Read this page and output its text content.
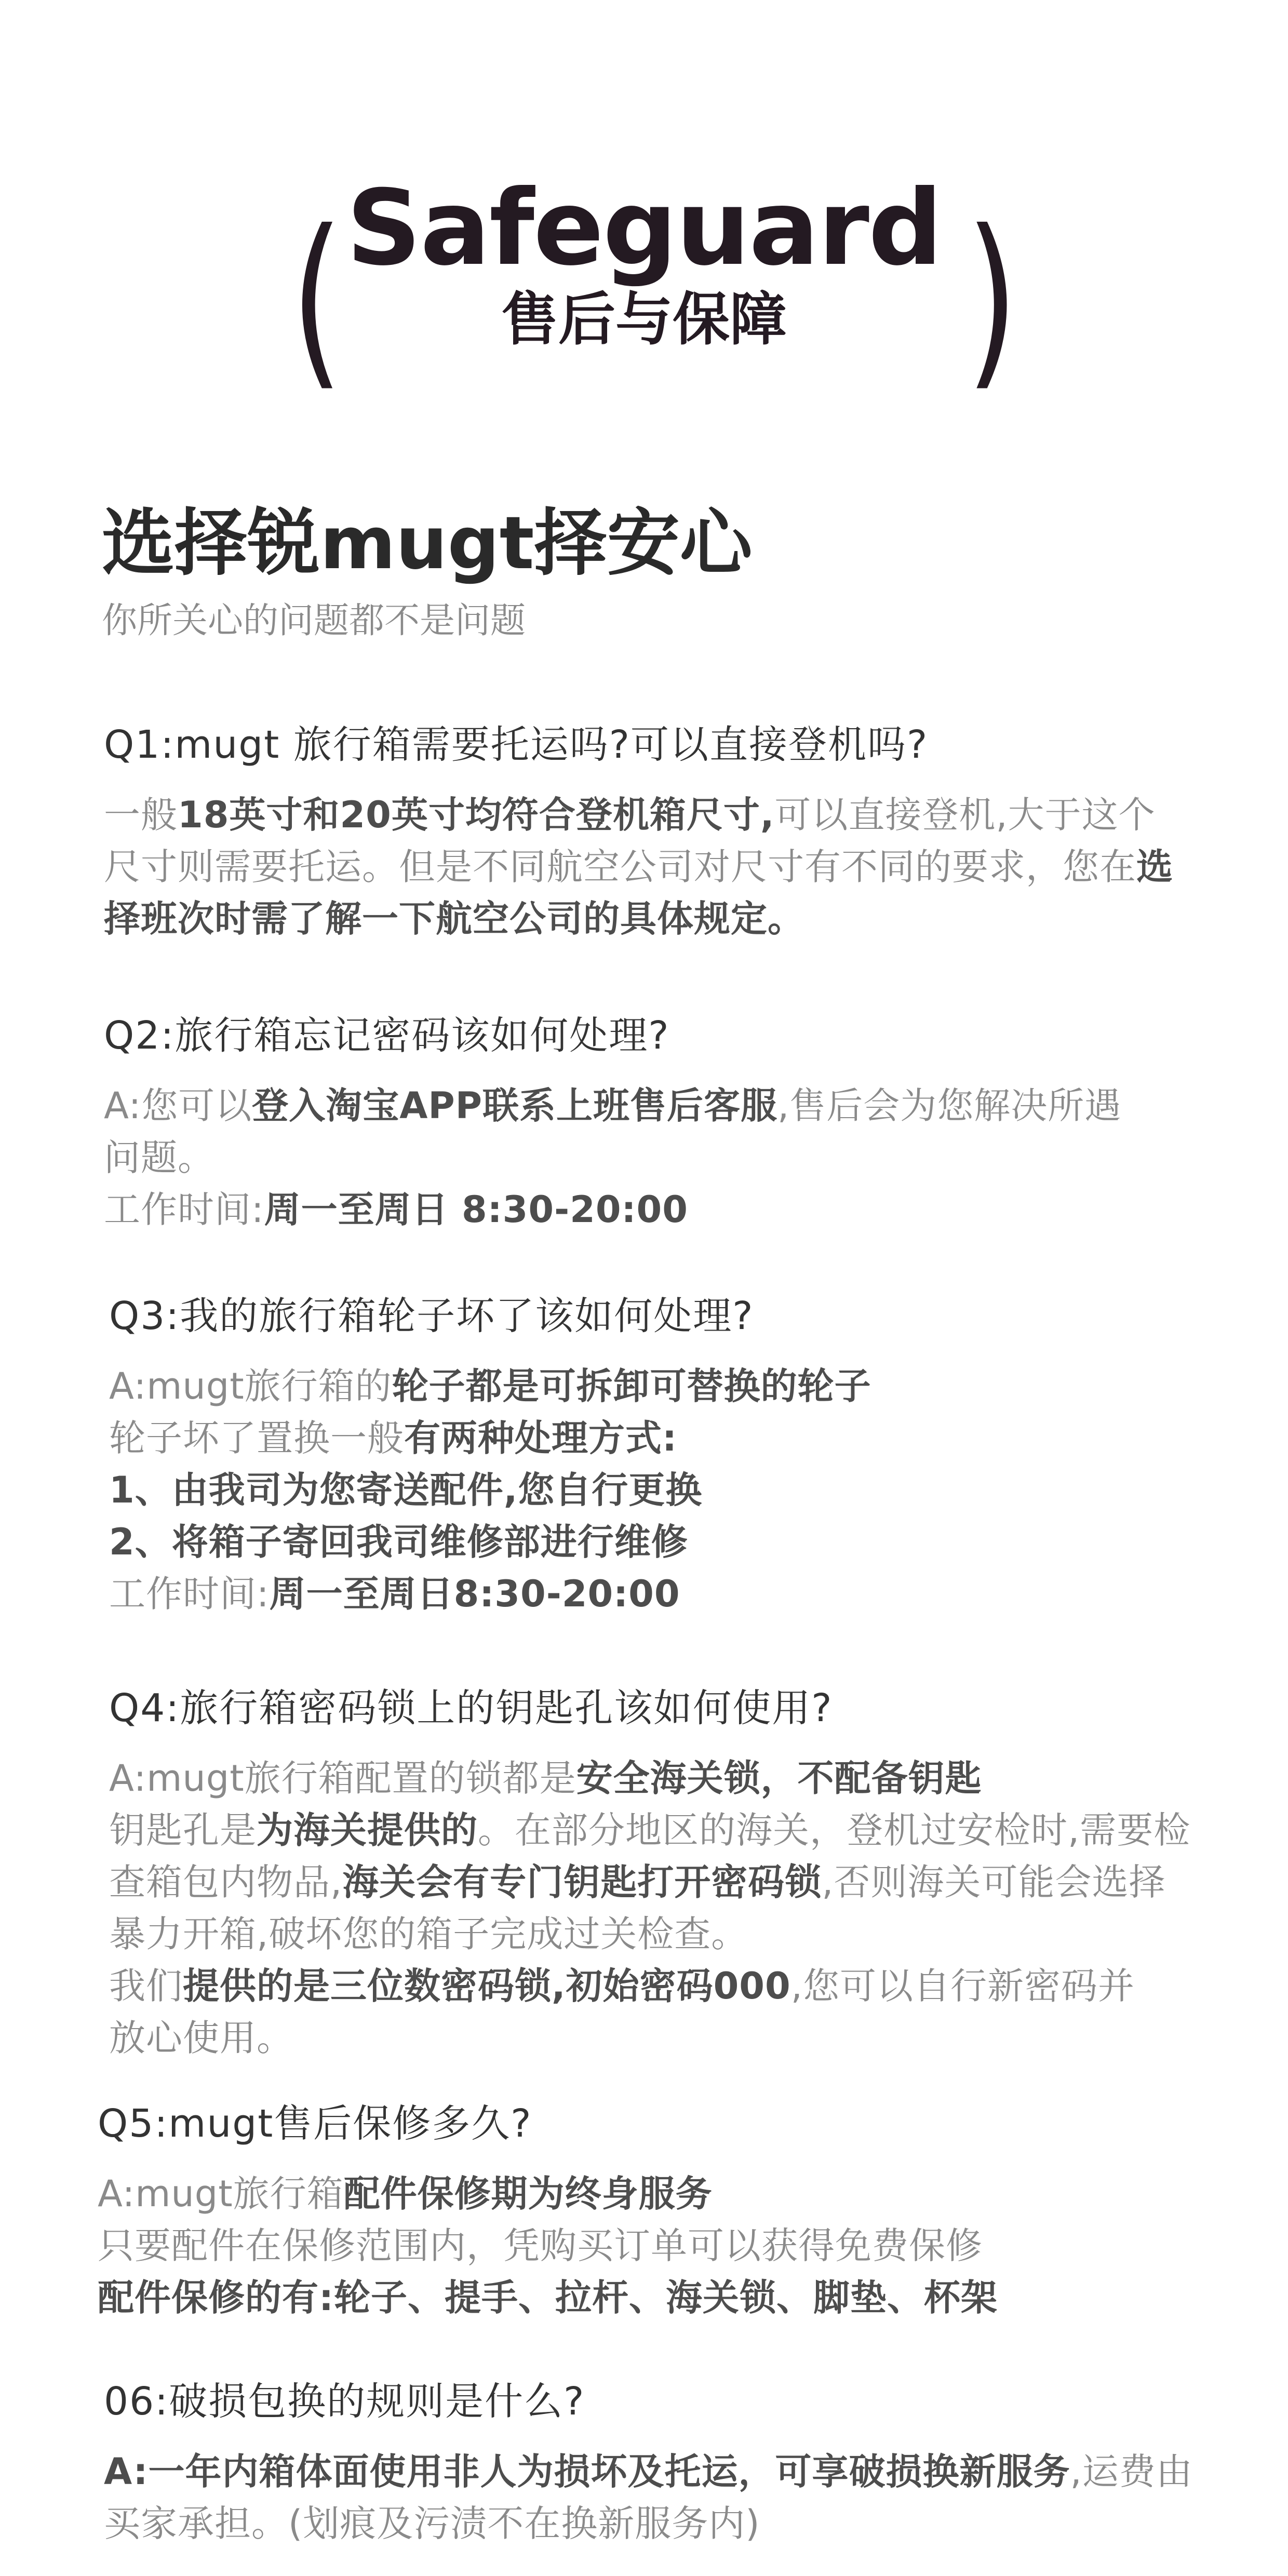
( Safeguard )
售后与保障
选择锐mugt择安心
你所关心的问题都不是问题
Q1:mugt 旅行箱需要托运吗?可以直接登机吗?

一般18英寸和20英寸均符合登机箱尺寸,可以直接登机,大于这个

尺寸则需要托运。但是不同航空公司对尺寸有不同的要求，您在选

择班次时需了解一下航空公司的具体规定。

Q2:旅行箱忘记密码该如何处理?

A:您可以登入淘宝APP联系上班售后客服,售后会为您解决所遇

问题。

工作时间:周一至周日 8:30-20:00

Q3:我的旅行箱轮子坏了该如何处理?

A:mugt旅行箱的轮子都是可拆卸可替换的轮子

轮子坏了置换一般有两种处理方式:

1、由我司为您寄送配件,您自行更换

2、将箱子寄回我司维修部进行维修

工作时间:周一至周日8:30-20:00

Q4:旅行箱密码锁上的钥匙孔该如何使用?

A:mugt旅行箱配置的锁都是安全海关锁，不配备钥匙

钥匙孔是为海关提供的。在部分地区的海关，登机过安检时,需要检

查箱包内物品,海关会有专门钥匙打开密码锁,否则海关可能会选择

暴力开箱,破坏您的箱子完成过关检查。

我们提供的是三位数密码锁,初始密码000,您可以自行新密码并

放心使用。

Q5:mugt售后保修多久?

A:mugt旅行箱配件保修期为终身服务

只要配件在保修范围内，凭购买订单可以获得免费保修

配件保修的有:轮子、提手、拉杆、海关锁、脚垫、杯架

06:破损包换的规则是什么?

A:一年内箱体面使用非人为损坏及托运，可享破损换新服务,运费由

买家承担。(划痕及污渍不在换新服务内)
